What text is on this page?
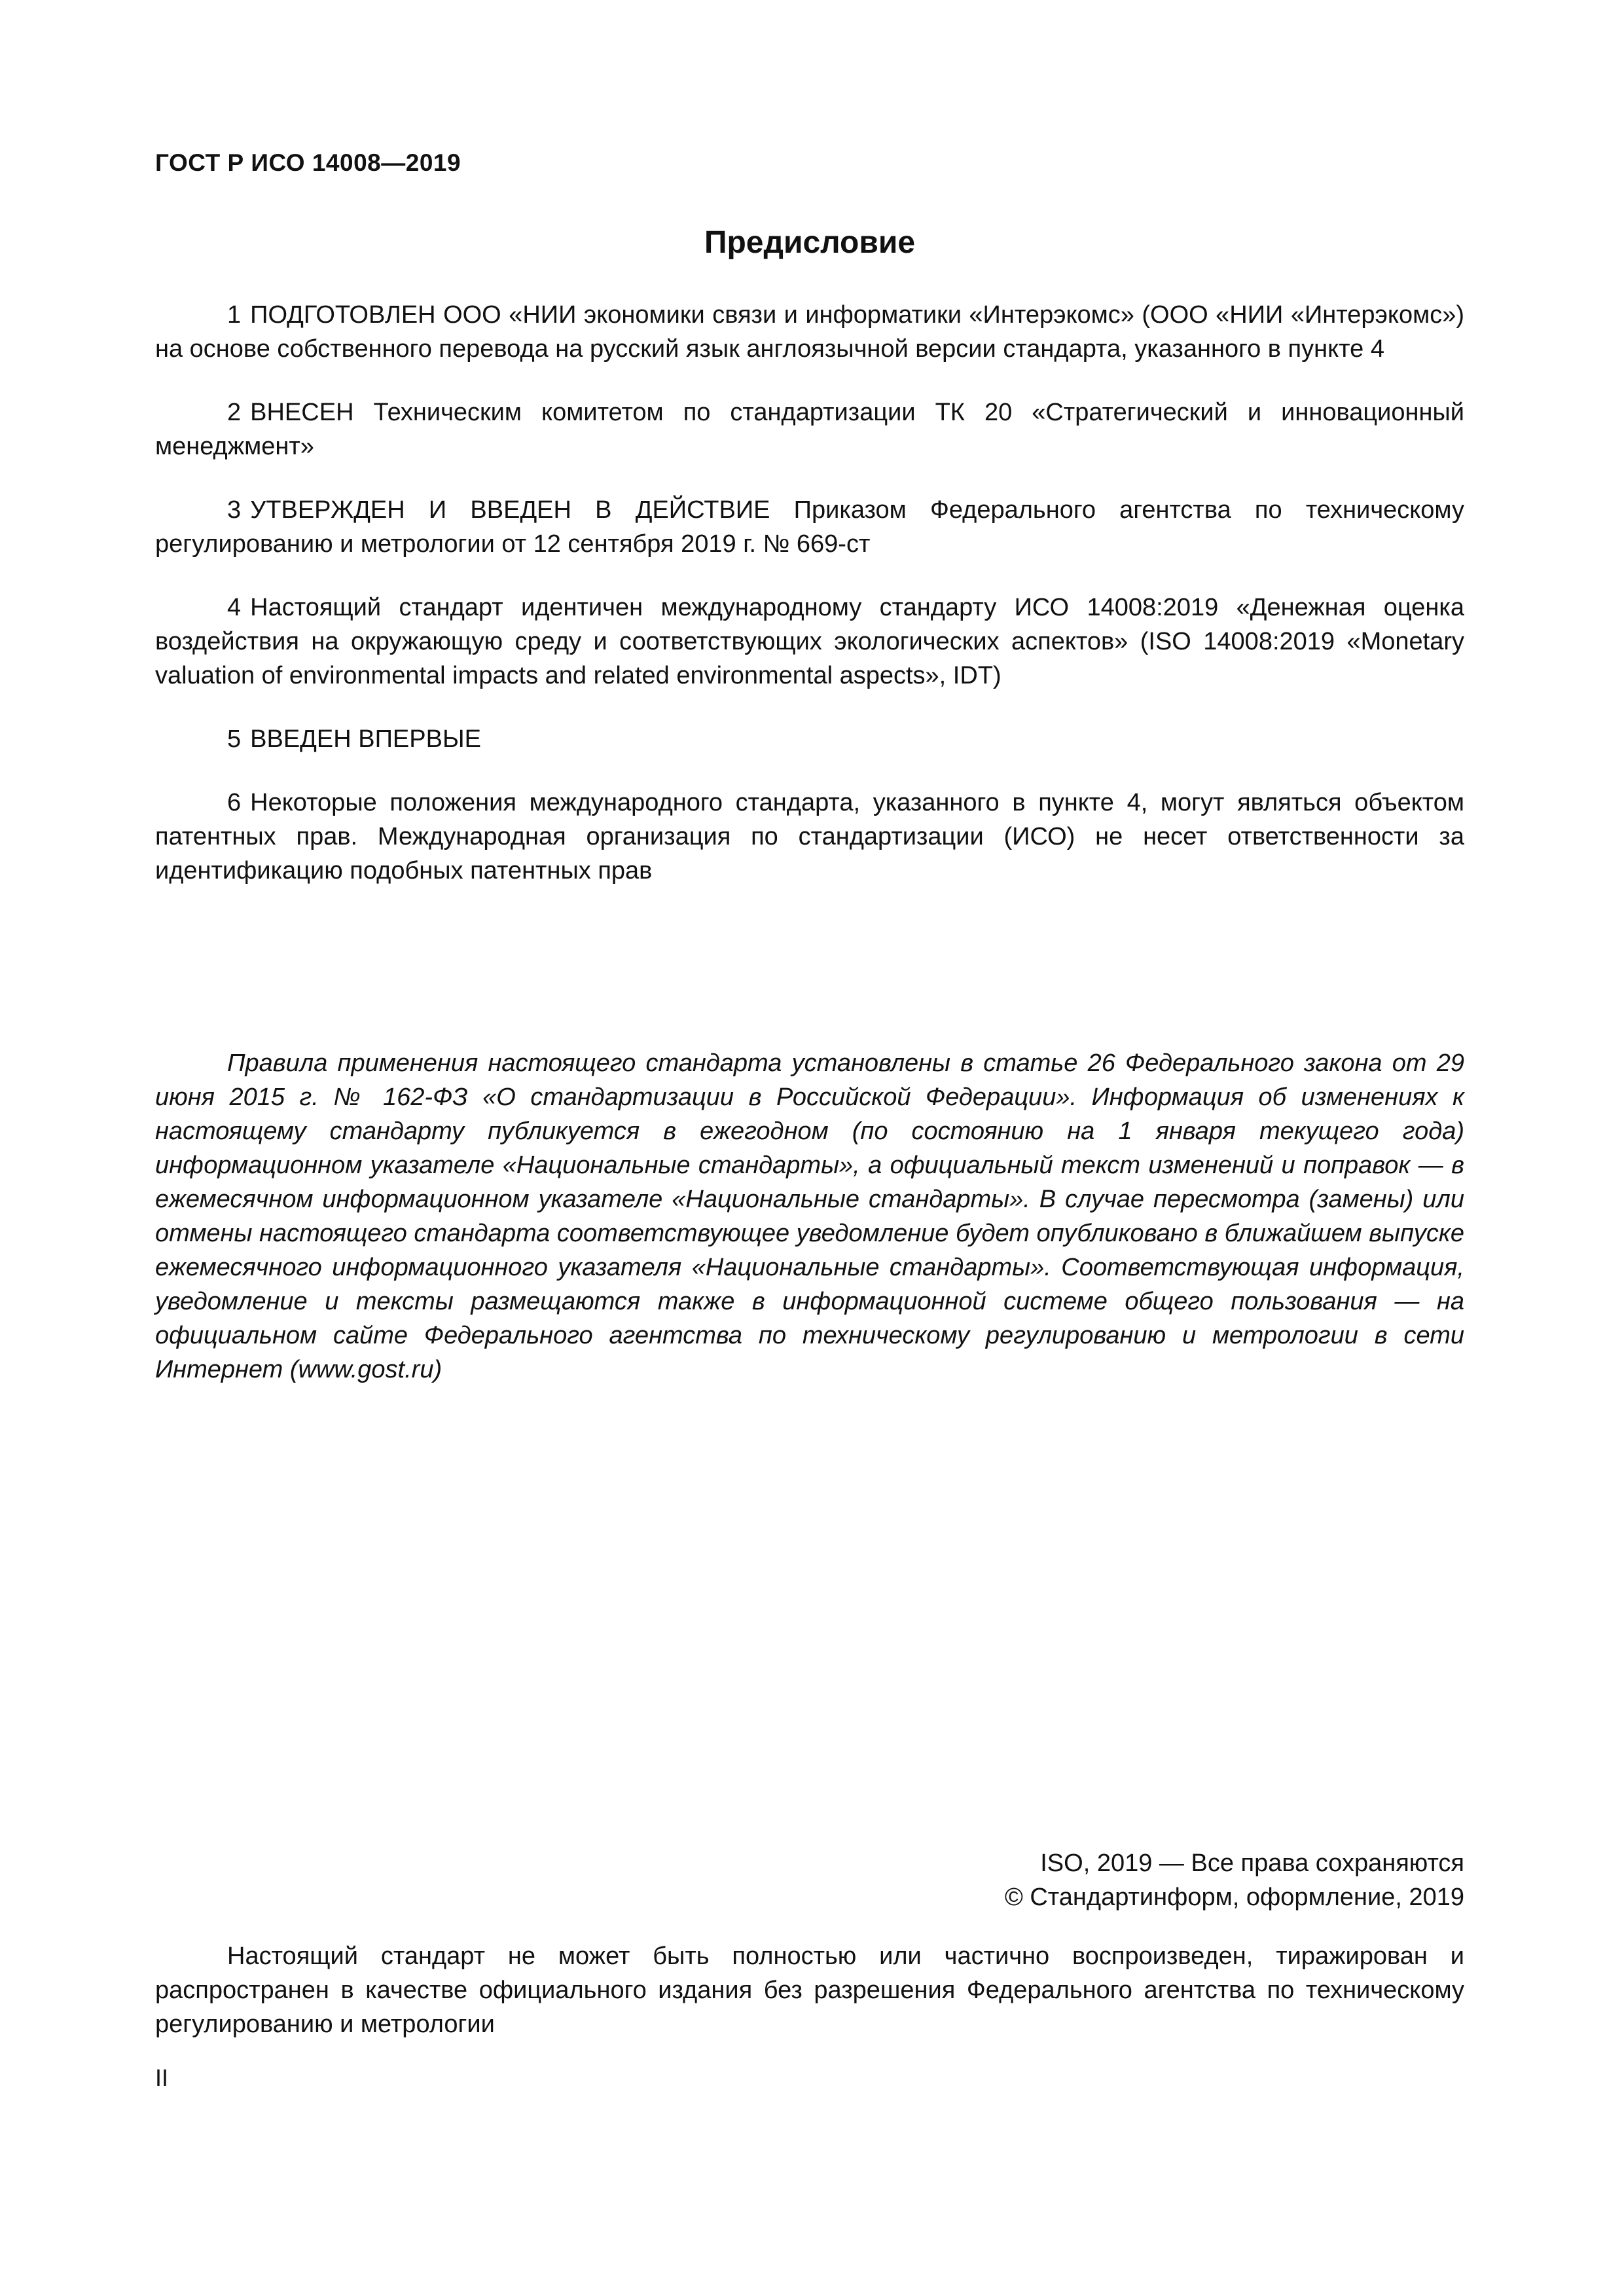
ГОСТ Р ИСО 14008—2019

Предисловие

1 ПОДГОТОВЛЕН ООО «НИИ экономики связи и информатики «Интерэкомс» (ООО «НИИ «Интерэкомс») на основе собственного перевода на русский язык англоязычной версии стандарта, указанного в пункте 4

2 ВНЕСЕН Техническим комитетом по стандартизации ТК 20 «Стратегический и инновационный менеджмент»

3 УТВЕРЖДЕН И ВВЕДЕН В ДЕЙСТВИЕ Приказом Федерального агентства по техническому регулированию и метрологии от 12 сентября 2019 г. № 669-ст

4 Настоящий стандарт идентичен международному стандарту ИСО 14008:2019 «Денежная оценка воздействия на окружающую среду и соответствующих экологических аспектов» (ISO 14008:2019 «Monetary valuation of environmental impacts and related environmental aspects», IDT)

5 ВВЕДЕН ВПЕРВЫЕ

6 Некоторые положения международного стандарта, указанного в пункте 4, могут являться объектом патентных прав. Международная организация по стандартизации (ИСО) не несет ответственности за идентификацию подобных патентных прав

Правила применения настоящего стандарта установлены в статье 26 Федерального закона от 29 июня 2015 г. № 162-ФЗ «О стандартизации в Российской Федерации». Информация об изменениях к настоящему стандарту публикуется в ежегодном (по состоянию на 1 января текущего года) информационном указателе «Национальные стандарты», а официальный текст изменений и поправок — в ежемесячном информационном указателе «Национальные стандарты». В случае пересмотра (замены) или отмены настоящего стандарта соответствующее уведомление будет опубликовано в ближайшем выпуске ежемесячного информационного указателя «Национальные стандарты». Соответствующая информация, уведомление и тексты размещаются также в информационной системе общего пользования — на официальном сайте Федерального агентства по техническому регулированию и метрологии в сети Интернет (www.gost.ru)

ISO, 2019 — Все права сохраняются

© Стандартинформ, оформление, 2019

Настоящий стандарт не может быть полностью или частично воспроизведен, тиражирован и распространен в качестве официального издания без разрешения Федерального агентства по техническому регулированию и метрологии

II
